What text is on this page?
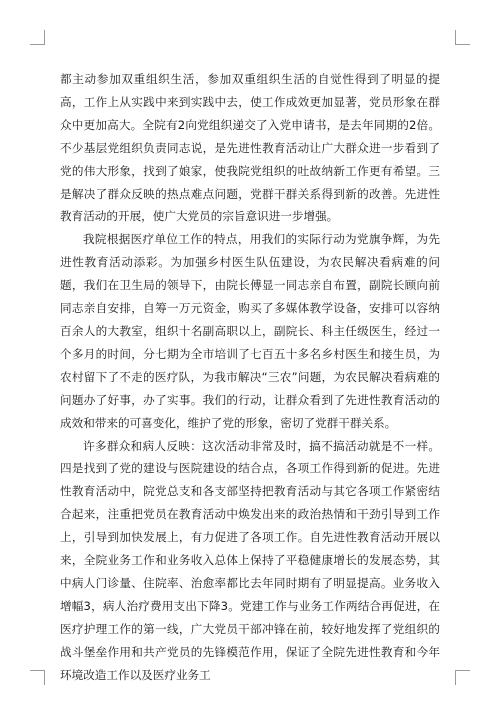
都主动参加双重组织生活，参加双重组织生活的自觉性得到了明显的提高，工作上从实践中来到实践中去，使工作成效更加显著，党员形象在群众中更加高大。全院有2向党组织递交了入党申请书，是去年同期的2倍。不少基层党组织负责同志说，是先进性教育活动让广大群众进一步看到了党的伟大形象，找到了娘家，使我院党组织的吐故纳新工作更有希望。三是解决了群众反映的热点难点问题，党群干群关系得到新的改善。先进性教育活动的开展，使广大党员的宗旨意识进一步增强。

我院根据医疗单位工作的特点，用我们的实际行动为党旗争辉，为先进性教育活动添彩。为加强乡村医生队伍建设，为农民解决看病难的问题，我们在卫生局的领导下，由院长傅显一同志亲自布置，副院长顾向前同志亲自安排，自筹一万元资金，购买了多媒体教学设备，安排可以容纳百余人的大教室，组织十名副高职以上，副院长、科主任级医生，经过一个多月的时间，分七期为全市培训了七百五十多名乡村医生和接生员，为农村留下了不走的医疗队，为我市解决“三农”问题，为农民解决看病难的问题办了好事，办了实事。我们的行动，让群众看到了先进性教育活动的成效和带来的可喜变化，维护了党的形象，密切了党群干群关系。

许多群众和病人反映：这次活动非常及时，搞不搞活动就是不一样。四是找到了党的建设与医院建设的结合点，各项工作得到新的促进。先进性教育活动中，院党总支和各支部坚持把教育活动与其它各项工作紧密结合起来，注重把党员在教育活动中焕发出来的政治热情和干劲引导到工作上，引导到加快发展上，有力促进了各项工作。自先进性教育活动开展以来，全院业务工作和业务收入总体上保持了平稳健康增长的发展态势，其中病人门诊量、住院率、治愈率都比去年同时期有了明显提高。业务收入增幅3，病人治疗费用支出下降3。党建工作与业务工作两结合再促进，在医疗护理工作的第一线，广大党员干部冲锋在前，较好地发挥了党组织的战斗堡垒作用和共产党员的先锋模范作用，保证了全院先进性教育和今年环境改造工作以及医疗业务工
